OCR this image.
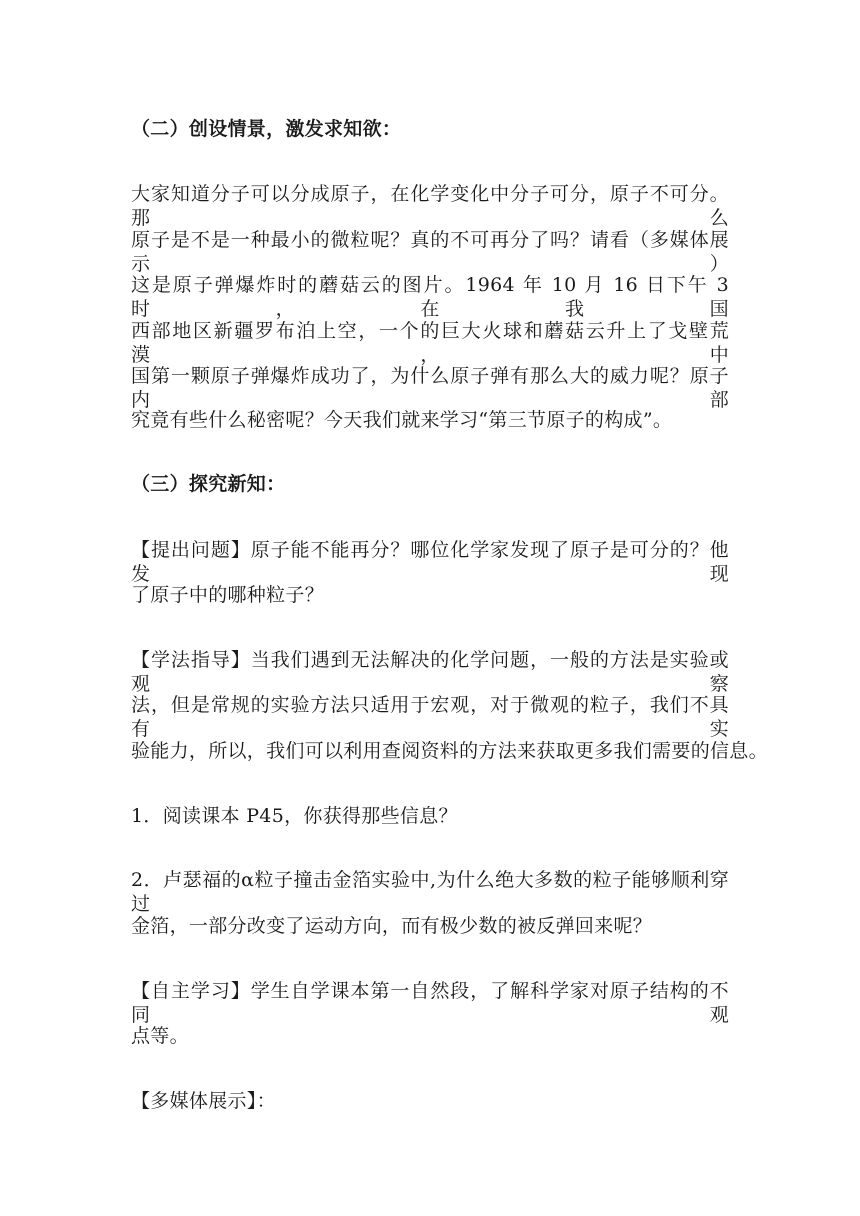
（二）创设情景，激发求知欲：
大家知道分子可以分成原子，在化学变化中分子可分，原子不可分。那么
原子是不是一种最小的微粒呢？真的不可再分了吗？请看（多媒体展示）
这是原子弹爆炸时的蘑菇云的图片。1964 年 10 月 16 日下午 3 时，在我国
西部地区新疆罗布泊上空，一个的巨大火球和蘑菇云升上了戈壁荒漠，中
国第一颗原子弹爆炸成功了，为什么原子弹有那么大的威力呢？原子内部
究竟有些什么秘密呢？今天我们就来学习“第三节原子的构成”。
（三）探究新知：
【提出问题】原子能不能再分？哪位化学家发现了原子是可分的？他发现
了原子中的哪种粒子？
【学法指导】当我们遇到无法解决的化学问题，一般的方法是实验或观察
法，但是常规的实验方法只适用于宏观，对于微观的粒子，我们不具有实
验能力，所以，我们可以利用查阅资料的方法来获取更多我们需要的信息。
1．阅读课本 P45，你获得那些信息？
2．卢瑟福的α粒子撞击金箔实验中,为什么绝大多数的粒子能够顺利穿过
金箔，一部分改变了运动方向，而有极少数的被反弹回来呢？
【自主学习】学生自学课本第一自然段，了解科学家对原子结构的不同观
点等。
【多媒体展示】：
